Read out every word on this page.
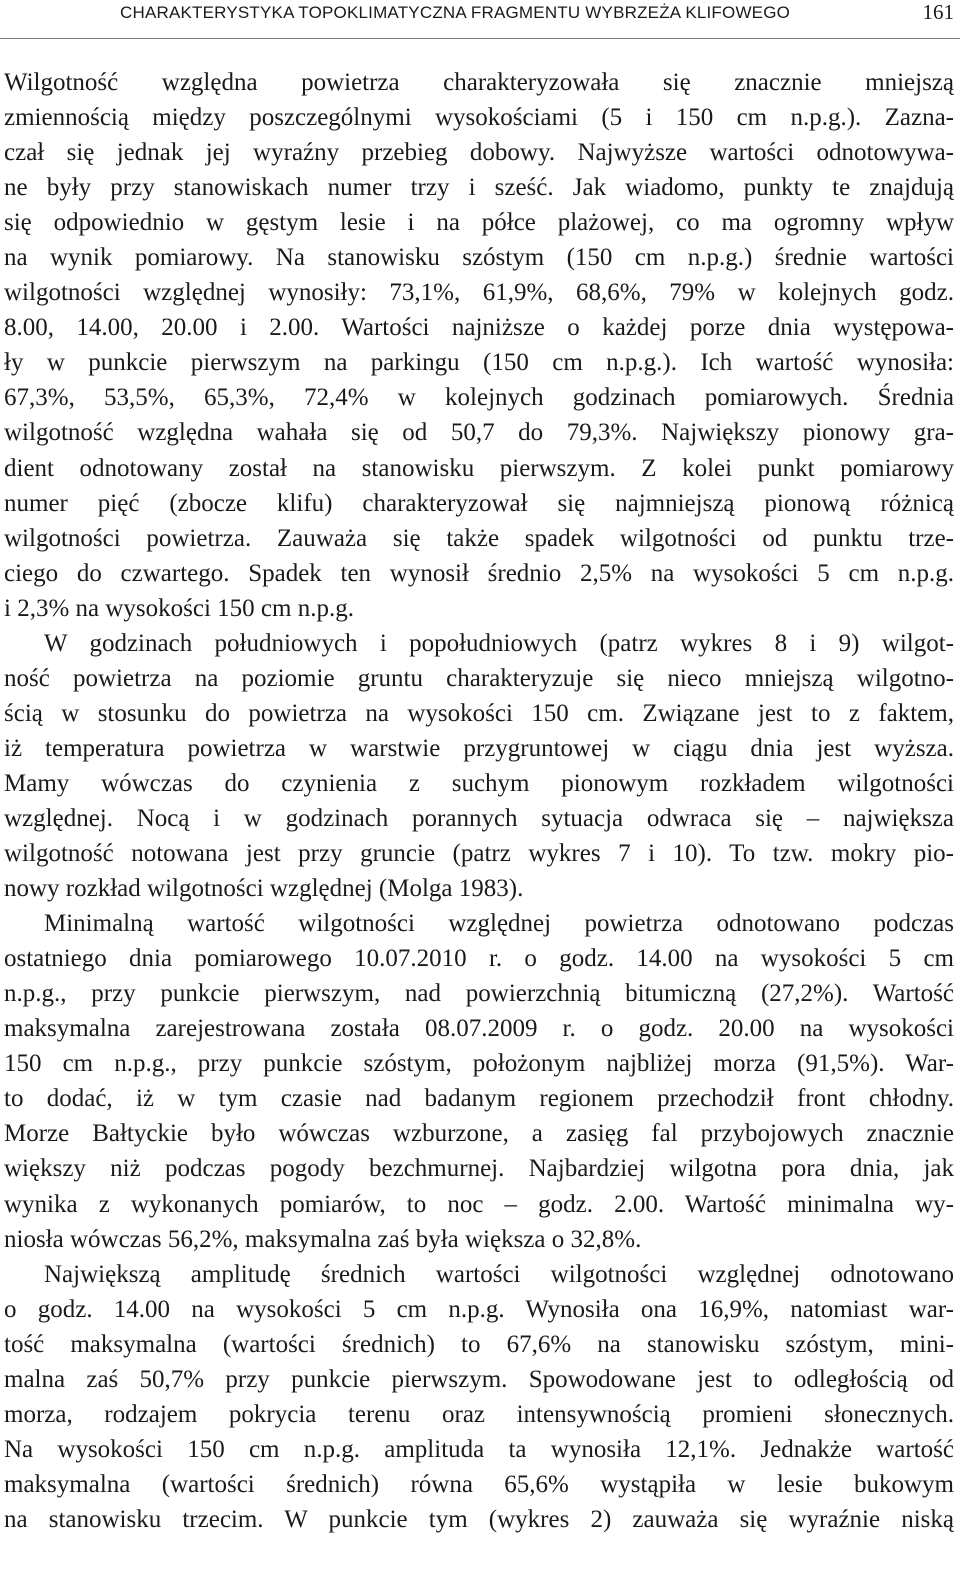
CHARAKTERYSTYKA TOPOKLIMATYCZNA FRAGMENTU WYBRZEŻA KLIFOWEGO	161
Wilgotność względna powietrza charakteryzowała się znacznie mniejszą
zmiennością między poszczególnymi wysokościami (5 i 150 cm n.p.g.). Zazna-
czał się jednak jej wyraźny przebieg dobowy. Najwyższe wartości odnotowywa-
ne były przy stanowiskach numer trzy i sześć. Jak wiadomo, punkty te znajdują
się odpowiednio w gęstym lesie i na półce plażowej, co ma ogromny wpływ
na wynik pomiarowy. Na stanowisku szóstym (150 cm n.p.g.) średnie wartości
wilgotności względnej wynosiły: 73,1%, 61,9%, 68,6%, 79% w kolejnych godz.
8.00, 14.00, 20.00 i 2.00. Wartości najniższe o każdej porze dnia występowa-
ły w punkcie pierwszym na parkingu (150 cm n.p.g.). Ich wartość wynosiła:
67,3%, 53,5%, 65,3%, 72,4% w kolejnych godzinach pomiarowych. Średnia
wilgotność względna wahała się od 50,7 do 79,3%. Największy pionowy gra-
dient odnotowany został na stanowisku pierwszym. Z kolei punkt pomiarowy
numer pięć (zbocze klifu) charakteryzował się najmniejszą pionową różnicą
wilgotności powietrza. Zauważa się także spadek wilgotności od punktu trze-
ciego do czwartego. Spadek ten wynosił średnio 2,5% na wysokości 5 cm n.p.g.
i 2,3% na wysokości 150 cm n.p.g.
W godzinach południowych i popołudniowych (patrz wykres 8 i 9) wilgot-
ność powietrza na poziomie gruntu charakteryzuje się nieco mniejszą wilgotno-
ścią w stosunku do powietrza na wysokości 150 cm. Związane jest to z faktem,
iż temperatura powietrza w warstwie przygruntowej w ciągu dnia jest wyższa.
Mamy wówczas do czynienia z suchym pionowym rozkładem wilgotności
względnej. Nocą i w godzinach porannych sytuacja odwraca się – największa
wilgotność notowana jest przy gruncie (patrz wykres 7 i 10). To tzw. mokry pio-
nowy rozkład wilgotności względnej (Molga 1983).
Minimalną wartość wilgotności względnej powietrza odnotowano podczas
ostatniego dnia pomiarowego 10.07.2010 r. o godz. 14.00 na wysokości 5 cm
n.p.g., przy punkcie pierwszym, nad powierzchnią bitumiczną (27,2%). Wartość
maksymalna zarejestrowana została 08.07.2009 r. o godz. 20.00 na wysokości
150 cm n.p.g., przy punkcie szóstym, położonym najbliżej morza (91,5%). War-
to dodać, iż w tym czasie nad badanym regionem przechodził front chłodny.
Morze Bałtyckie było wówczas wzburzone, a zasięg fal przybojowych znacznie
większy niż podczas pogody bezchmurnej. Najbardziej wilgotna pora dnia, jak
wynika z wykonanych pomiarów, to noc – godz. 2.00. Wartość minimalna wy-
niosła wówczas 56,2%, maksymalna zaś była większa o 32,8%.
Największą amplitudę średnich wartości wilgotności względnej odnotowano
o godz. 14.00 na wysokości 5 cm n.p.g. Wynosiła ona 16,9%, natomiast war-
tość maksymalna (wartości średnich) to 67,6% na stanowisku szóstym, mini-
malna zaś 50,7% przy punkcie pierwszym. Spowodowane jest to odległością od
morza, rodzajem pokrycia terenu oraz intensywnością promieni słonecznych.
Na wysokości 150 cm n.p.g. amplituda ta wynosiła 12,1%. Jednakże wartość
maksymalna (wartości średnich) równa 65,6% wystąpiła w lesie bukowym
na stanowisku trzecim. W punkcie tym (wykres 2) zauważa się wyraźnie niską
